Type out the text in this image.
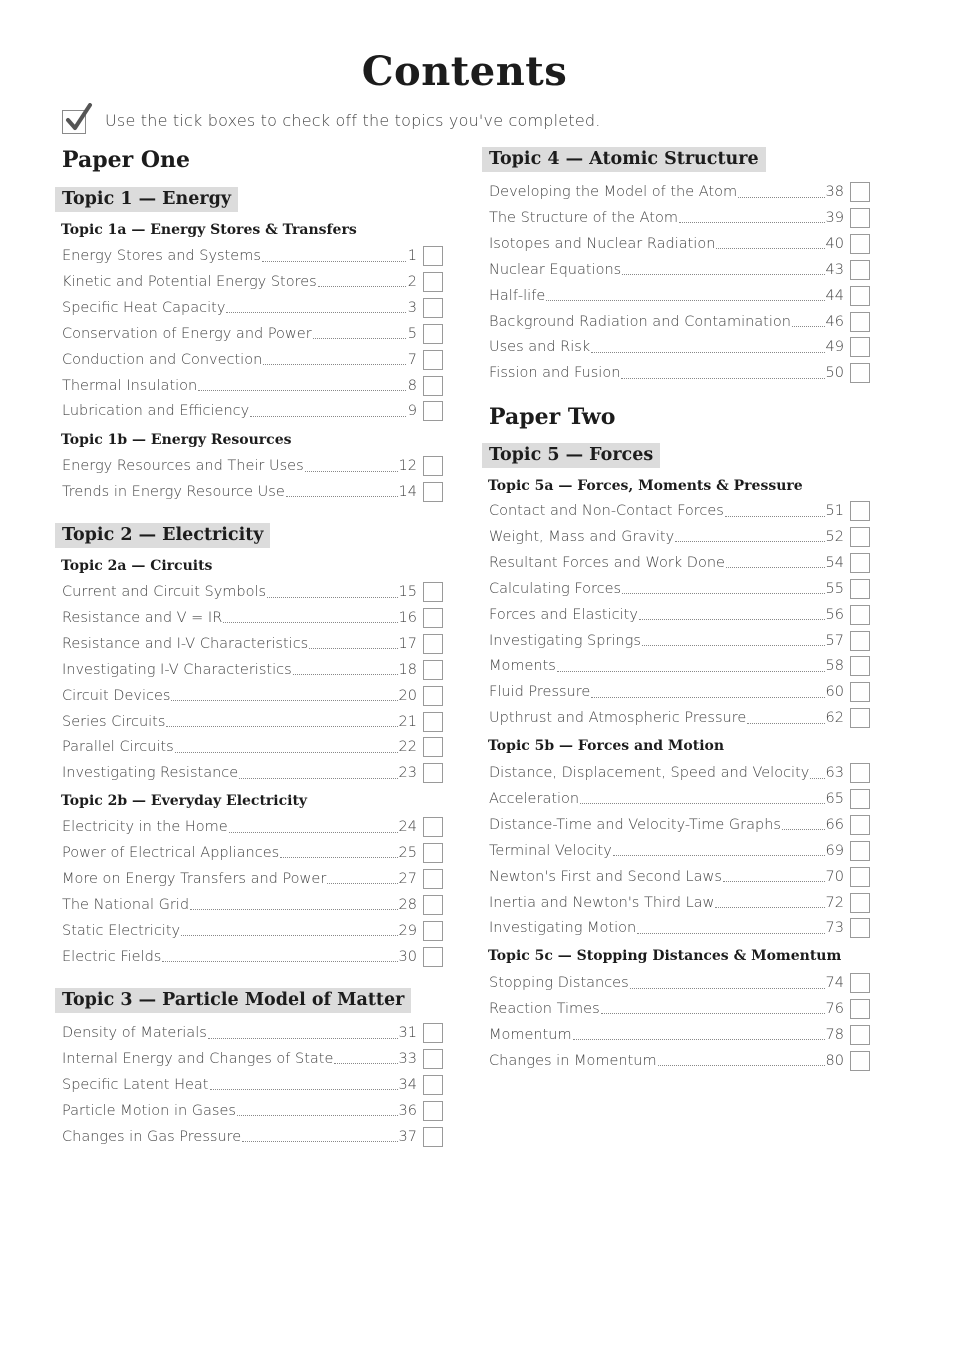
Contents
Use the tick boxes to check off the topics you've completed.
Paper One
Topic 1 — Energy
Topic 1a — Energy Stores & Transfers
Energy Stores and Systems	1
Kinetic and Potential Energy Stores	2
Specific Heat Capacity	3
Conservation of Energy and Power	5
Conduction and Convection	7
Thermal Insulation	8
Lubrication and Efficiency	9
Topic 1b — Energy Resources
Energy Resources and Their Uses	12
Trends in Energy Resource Use	14
Topic 2 — Electricity
Topic 2a — Circuits
Current and Circuit Symbols	15
Resistance and V = IR	16
Resistance and I-V Characteristics	17
Investigating I-V Characteristics	18
Circuit Devices	20
Series Circuits	21
Parallel Circuits	22
Investigating Resistance	23
Topic 2b — Everyday Electricity
Electricity in the Home	24
Power of Electrical Appliances	25
More on Energy Transfers and Power	27
The National Grid	28
Static Electricity	29
Electric Fields	30
Topic 3 — Particle Model of Matter
Density of Materials	31
Internal Energy and Changes of State	33
Specific Latent Heat	34
Particle Motion in Gases	36
Changes in Gas Pressure	37
Topic 4 — Atomic Structure
Developing the Model of the Atom	38
The Structure of the Atom	39
Isotopes and Nuclear Radiation	40
Nuclear Equations	43
Half-life	44
Background Radiation and Contamination 46
Uses and Risk	49
Fission and Fusion	50
Paper Two
Topic 5 — Forces
Topic 5a — Forces, Moments & Pressure
Contact and Non-Contact Forces	51
Weight, Mass and Gravity	52
Resultant Forces and Work Done	54
Calculating Forces	55
Forces and Elasticity	56
Investigating Springs	57
Moments	58
Fluid Pressure	60
Upthrust and Atmospheric Pressure	62
Topic 5b — Forces and Motion
Distance, Displacement, Speed and Velocity 63
Acceleration	65
Distance-Time and Velocity-Time Graphs	66
Terminal Velocity	69
Newton's First and Second Laws	70
Inertia and Newton's Third Law	72
Investigating Motion	73
Topic 5c — Stopping Distances & Momentum
Stopping Distances	74
Reaction Times	76
Momentum	78
Changes in Momentum	80
